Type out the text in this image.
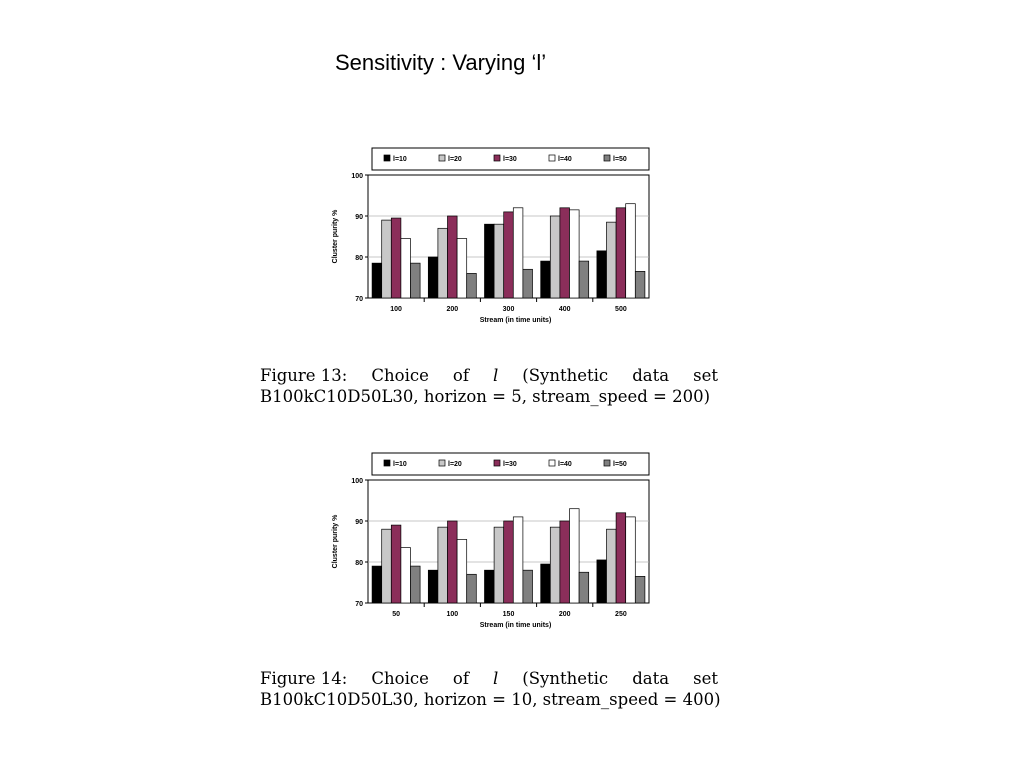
Sensitivity : Varying ‘l’
l=10	l=20	l=30	l=40	l=50
70
80
90
100
Cluster purity %
100	200	300	400	500
Stream (in time units)
Figure 13: Choice of l (Synthetic data set
B100kC10D50L30, horizon = 5, stream_speed = 200)
l=10	l=20	l=30	l=40	l=50
70
80
90
100
Cluster purity %
50	100	150	200	250
Stream (in time units)
Figure 14: Choice of l (Synthetic data set
B100kC10D50L30, horizon = 10, stream_speed = 400)
